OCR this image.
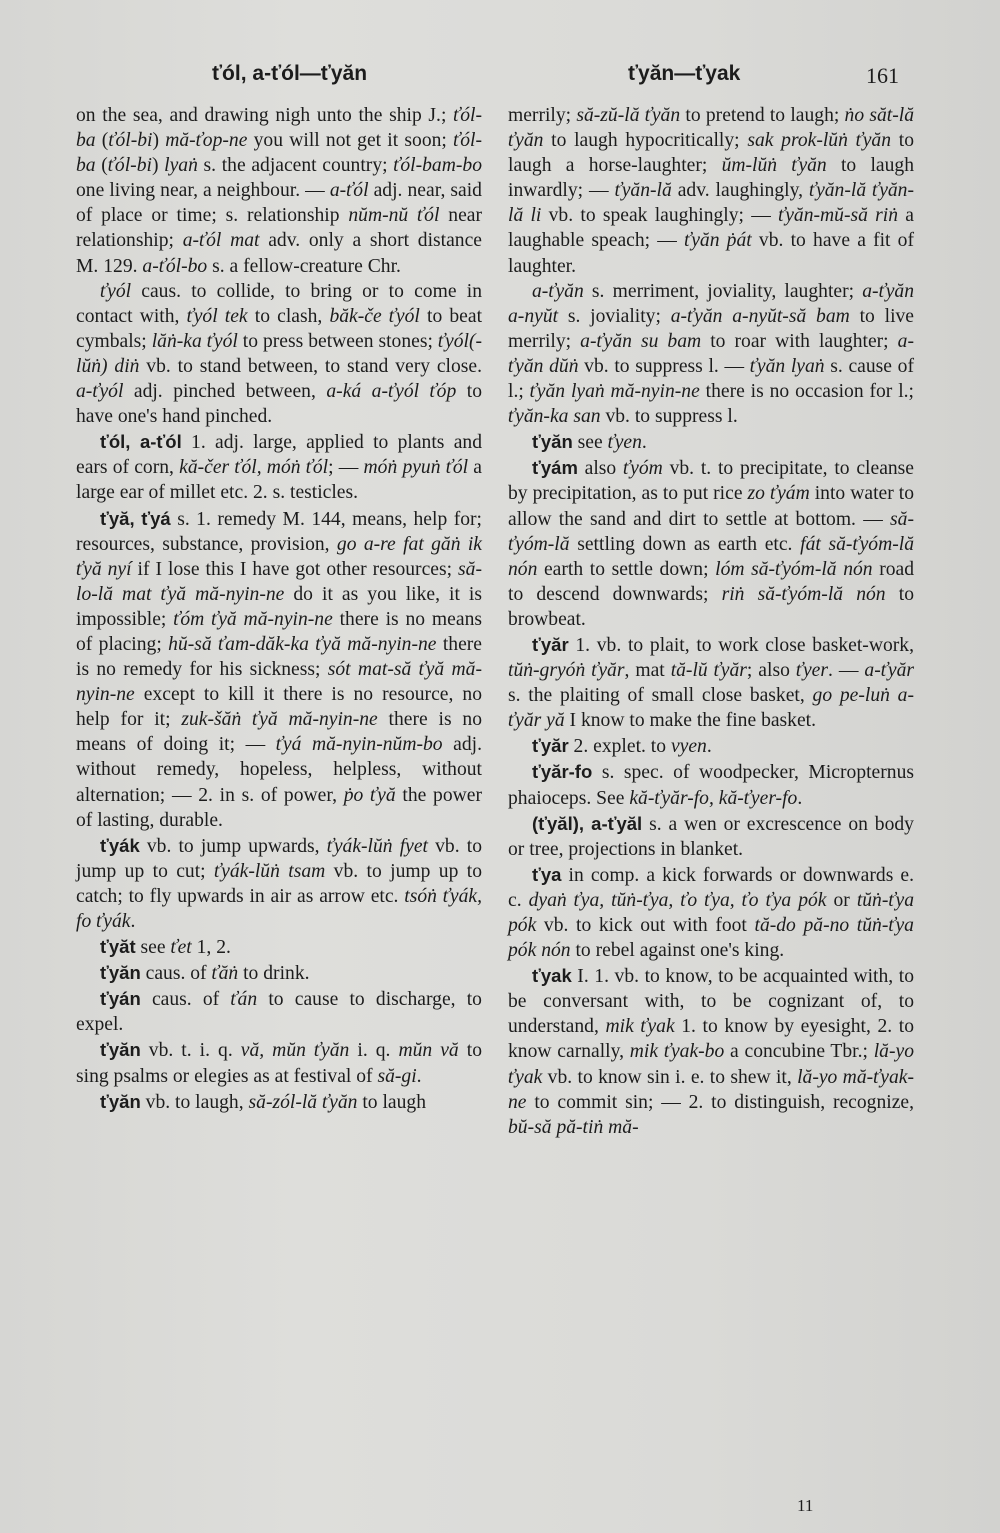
ťól, a-ťól—ťyăn	ťyăn—ťyak	161

on the sea, and drawing nigh unto the ship J.; ťól-ba (ťól-bi) mă-ťop-ne you will not get it soon; ťól-ba (ťól-bi) lyaṅ s. the adjacent country; ťól-bam-bo one living near, a neighbour. — a-ťól adj. near, said of place or time; s. relationship nŭm-nŭ ťól near relationship; a-ťól mat adv. only a short distance M. 129. a-ťól-bo s. a fellow-creature Chr.

ťyól caus. to collide, to bring or to come in contact with, ťyól tek to clash, băk-če ťyól to beat cymbals; lăṅ-ka ťyól to press between stones; ťyól(-lŭṅ) diṅ vb. to stand between, to stand very close. a-ťyól adj. pinched between, a-ká a-ťyól ťóp to have one's hand pinched.

ťól, a-ťól 1. adj. large, applied to plants and ears of corn, kă-čer ťól, móṅ ťól; — móṅ pyuṅ ťól a large ear of millet etc. 2. s. testicles.

ťyă, ťyá s. 1. remedy M. 144, means, help for; resources, substance, provision, go a-re fat găṅ ik ťyă nyí if I lose this I have got other resources; să-lo-lă mat ťyă mă-nyin-ne do it as you like, it is impossible; ťóm ťyă mă-nyin-ne there is no means of placing; hŭ-să ťam-dăk-ka ťyă mă-nyin-ne there is no remedy for his sickness; sót mat-să ťyă mă-nyin-ne except to kill it there is no resource, no help for it; zuk-šăṅ ťyă mă-nyin-ne there is no means of doing it; — ťyá mă-nyin-nŭm-bo adj. without remedy, hopeless, helpless, without alternation; — 2. in s. of power, ṗo ťyă the power of lasting, durable.

ťyák vb. to jump upwards, ťyák-lŭṅ fyet vb. to jump up to cut; ťyák-lŭṅ tsam vb. to jump up to catch; to fly upwards in air as arrow etc. tsóṅ ťyák, fo ťyák.

ťyăt see ťet 1, 2.

ťyăn caus. of ťăṅ to drink.

ťyán caus. of ťán to cause to discharge, to expel.

ťyăn vb. t. i. q. vă, mŭn ťyăn i. q. mŭn vă to sing psalms or elegies as at festival of să-gi.

ťyăn vb. to laugh, să-zól-lă ťyăn to laugh

merrily; să-zŭ-lă ťyăn to pretend to laugh; ṅo săt-lă ťyăn to laugh hypocritically; sak prok-lŭṅ ťyăn to laugh a horse-laughter; ŭm-lŭṅ ťyăn to laugh inwardly; — ťyăn-lă adv. laughingly, ťyăn-lă ťyăn-lă li vb. to speak laughingly; — ťyăn-mŭ-să riṅ a laughable speach; — ťyăn ṗát vb. to have a fit of laughter.

a-ťyăn s. merriment, joviality, laughter; a-ťyăn a-nyŭt s. joviality; a-ťyăn a-nyŭt-să bam to live merrily; a-ťyăn su bam to roar with laughter; a-ťyăn dŭṅ vb. to suppress l. — ťyăn lyaṅ s. cause of l.; ťyăn lyaṅ mă-nyin-ne there is no occasion for l.; ťyăn-ka san vb. to suppress l.

ťyăn see ťyen.

ťyám also ťyóm vb. t. to precipitate, to cleanse by precipitation, as to put rice zo ťyám into water to allow the sand and dirt to settle at bottom. — să-ťyóm-lă settling down as earth etc. fát să-ťyóm-lă nón earth to settle down; lóm să-ťyóm-lă nón road to descend downwards; riṅ să-ťyóm-lă nón to browbeat.

ťyăr 1. vb. to plait, to work close basket-work, tŭṅ-gryóṅ ťyăr, mat tă-lŭ ťyăr; also ťyer. — a-ťyăr s. the plaiting of small close basket, go pe-luṅ a-ťyăr yă I know to make the fine basket.

ťyăr 2. explet. to vyen.

ťyăr-fo s. spec. of woodpecker, Micropternus phaioceps. See kă-ťyăr-fo, kă-ťyer-fo.

(ťyăl), a-ťyăl s. a wen or excrescence on body or tree, projections in blanket.

ťya in comp. a kick forwards or downwards e. c. dyaṅ ťya, tŭṅ-ťya, ťo ťya, ťo ťya pók or tŭṅ-ťya pók vb. to kick out with foot tă-do pă-no tŭṅ-ťya pók nón to rebel against one's king.

ťyak I. 1. vb. to know, to be acquainted with, to be conversant with, to be cognizant of, to understand, mik ťyak 1. to know by eyesight, 2. to know carnally, mik ťyak-bo a concubine Tbr.; lă-yo ťyak vb. to know sin i. e. to shew it, lă-yo mă-ťyak-ne to commit sin; — 2. to distinguish, recognize, bŭ-să pă-tiṅ mă-

11
